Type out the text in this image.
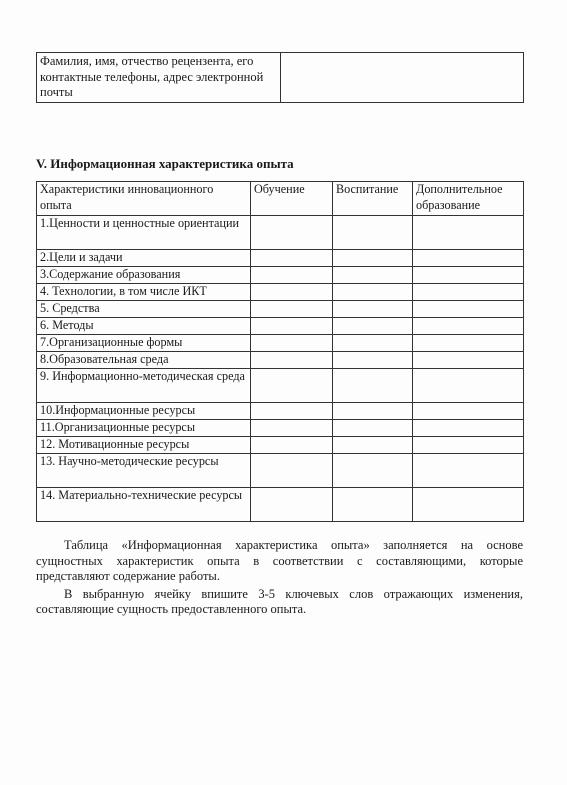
Фамилия, имя, отчество рецензента, его контактные телефоны, адрес электронной почты	
V. Информационная характеристика опыта
Характеристики инновационного опыта	Обучение	Воспитание	Дополнительное образование
1.Ценности и ценностные ориентации			
2.Цели и задачи			
3.Содержание образования			
4. Технологии, в том числе ИКТ			
5. Средства			
6. Методы			
7.Организационные формы			
8.Образовательная среда			
9. Информационно-методическая среда			
10.Информационные ресурсы			
11.Организационные ресурсы			
12. Мотивационные ресурсы			
13. Научно-методические ресурсы			
14. Материально-технические ресурсы			

Таблица «Информационная характеристика опыта» заполняется на основе сущностных характеристик опыта в соответствии с составляющими, которые представляют содержание работы.

В выбранную ячейку впишите 3-5 ключевых слов отражающих изменения, составляющие сущность предоставленного опыта.
